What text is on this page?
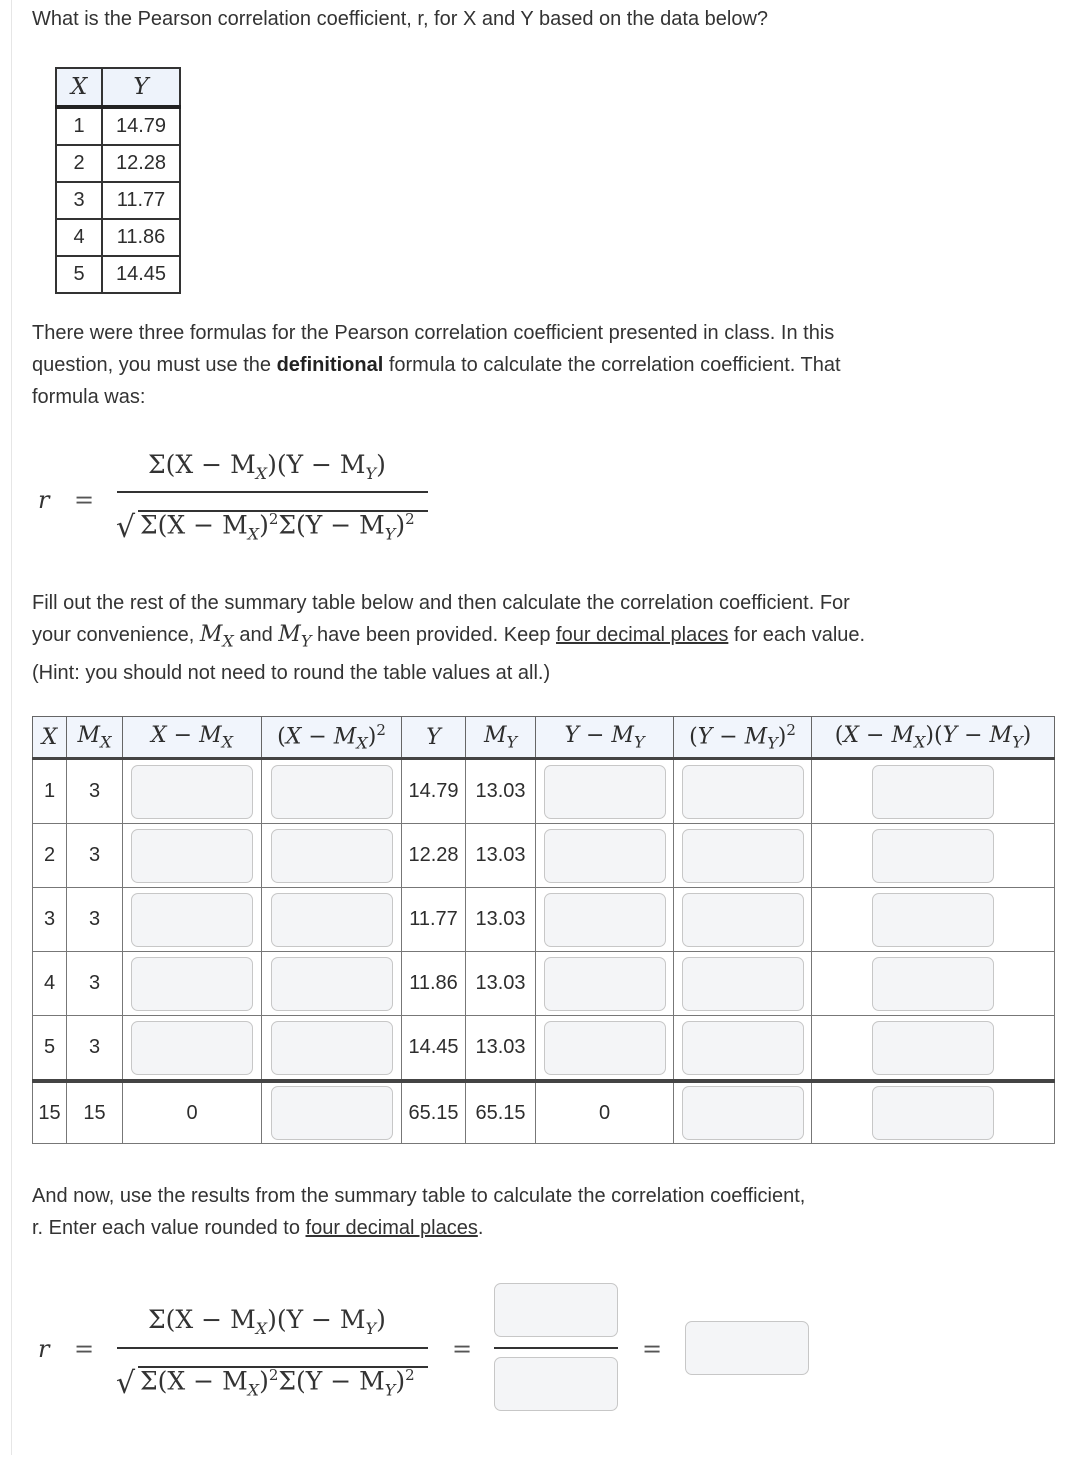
What is the Pearson correlation coefficient, r, for X and Y based on the data below?

X	Y
1	14.79
2	12.28
3	11.77
4	11.86
5	14.45

There were three formulas for the Pearson correlation coefficient presented in class. In this question, you must use the definitional formula to calculate the correlation coefficient. That formula was:

r =
$\Sigma(X - M_X)(Y - M_Y)$
√ $\Sigma(X - M_X)^2\Sigma(Y - M_Y)^2$

Fill out the rest of the summary table below and then calculate the correlation coefficient. For your convenience, $M_X$ and $M_Y$ have been provided. Keep four decimal places for each value. (Hint: you should not need to round the table values at all.)

X	$M_X$	$X - M_X$	$(X - M_X)^2$	Y	$M_Y$	$Y - M_Y$	$(Y - M_Y)^2$	$(X - M_X)(Y - M_Y)$
1	3			14.79	13.03	

2	3			12.28	13.03	

3	3			11.77	13.03	

4	3			11.86	13.03	

5	3			14.45	13.03	

15	15	0		65.15	65.15	0	

And now, use the results from the summary table to calculate the correlation coefficient, r. Enter each value rounded to four decimal places.

r =
$\Sigma(X - M_X)(Y - M_Y)$
√ $\Sigma(X - M_X)^2\Sigma(Y - M_Y)^2$
=	=
